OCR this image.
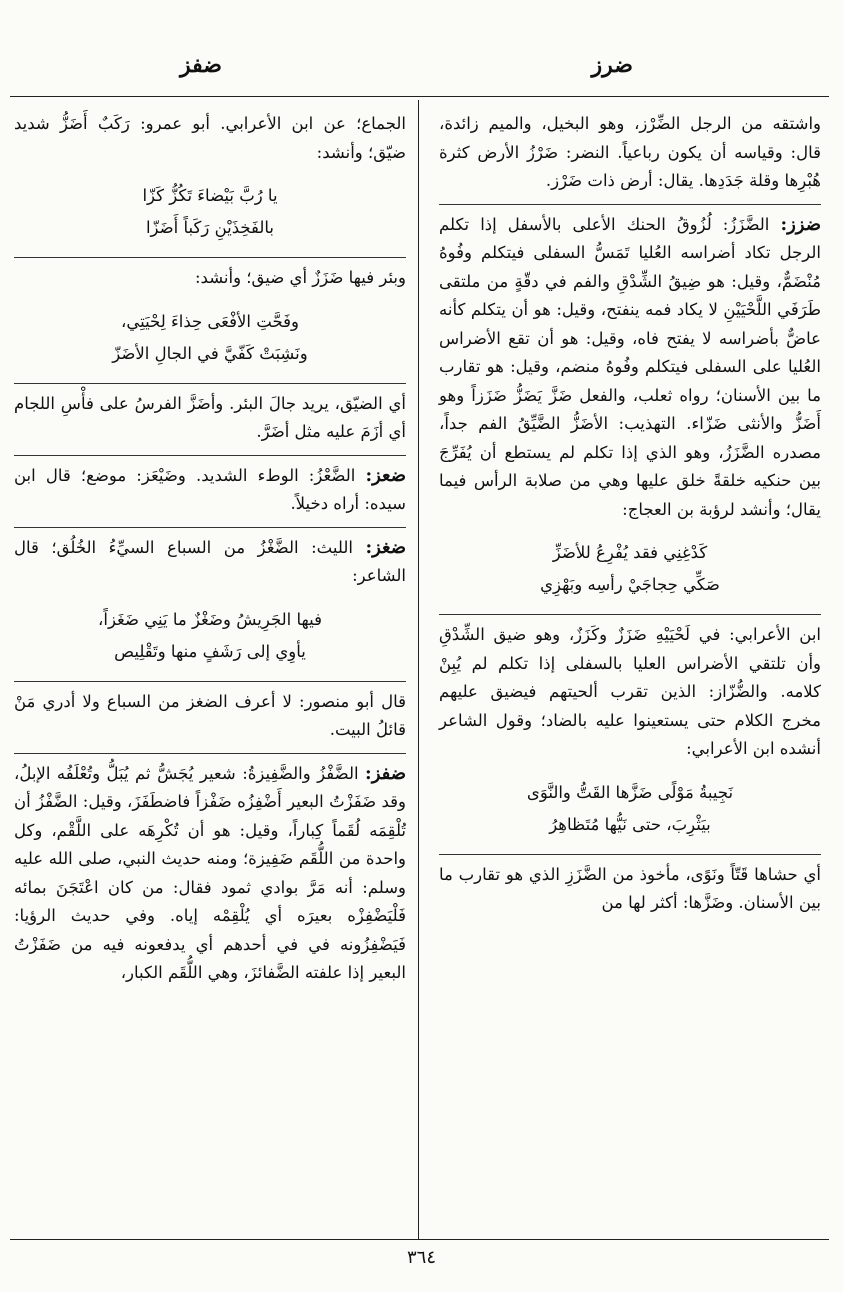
ضرز
ضفز

واشتقه من الرجل الضِّرْز، وهو البخيل، والميم زائدة، قال: وقياسه أن يكون رباعياً. النضر: ضَرْزُ الأرض كثرة هُبْرِها وقلة جَدَدِها. يقال: أرض ذات ضَرْز.

ضزز: الضَّزَزُ: لُزُوقُ الحنك الأعلى بالأسفل إذا تكلم الرجل تكاد أضراسه العُليا تَمَسُّ السفلى فيتكلم وفُوهُ مُنْضَمٌّ، وقيل: هو ضِيقُ الشِّدْقِ والفم في دقّةٍ من ملتقى طَرَفَي اللَّحْيَيْنِ لا يكاد فمه ينفتح، وقيل: هو أن يتكلم كأنه عاضٌّ بأضراسه لا يفتح فاه، وقيل: هو أن تقع الأضراس العُليا على السفلى فيتكلم وفُوهُ منضم، وقيل: هو تقارب ما بين الأسنان؛ رواه ثعلب، والفعل ضَزَّ يَضَزُّ ضَزَزاً وهو أَضَزُّ والأنثى ضَزّاء. التهذيب: الأضَزُّ الضَّيِّقُ الفم جداً، مصدره الضَّزَزُ، وهو الذي إذا تكلم لم يستطع أن يُفَرِّجَ بين حنكيه خلقةً خلق عليها وهي من صلابة الرأس فيما يقال؛ وأنشد لرؤبة بن العجاج:

كَدْغِنِي فقد يُفْرِعُ للأضَزِّ
صَكِّي حِجاجَيْ رأسِه وبَهْزِي

ابن الأعرابي: في لَحْيَيْهِ ضَزَزٌ وكَزَزٌ، وهو ضيق الشِّدْقِ وأن تلتقي الأضراس العليا بالسفلى إذا تكلم لم يُبِنْ كلامه. والضُّزّاز: الذين تقرب ألحيتهم فيضيق عليهم مخرج الكلام حتى يستعينوا عليه بالضاد؛ وقول الشاعر أنشده ابن الأعرابي:

نَجِيبةُ مَوْلًى ضَزَّها القَتُّ والنَّوَى
بيَثْرِبَ، حتى نَيُّها مُتَظاهِرُ

أي حشاها قَتّاً ونَوًى، مأخوذ من الضَّزَزِ الذي هو تقارب ما بين الأسنان. وضَزَّها: أكثر لها من

الجماع؛ عن ابن الأعرابي. أبو عمرو: رَكَبٌ أَضَزُّ شديد ضيّق؛ وأنشد:

يا رُبَّ بَيْضاءَ تَكُزُّ كَزّا
بالفَخِذَيْنِ رَكَباً أَضَزّا

وبئر فيها ضَزَزٌ أي ضيق؛ وأنشد:

وفَحَّتِ الأفْعَى حِذاءَ لِحْيَتِي،
ونَشِبَتْ كَفّيَّ في الجالِ الأضَزّ

أي الضيّق، يريد جالَ البئر. وأضَزَّ الفرسُ على فأْسِ اللجام أي أزَمَ عليه مثل أضَرَّ.

ضعز: الضَّعْزُ: الوطء الشديد. وضَيْعَز: موضع؛ قال ابن سيده: أراه دخيلاً.

ضغز: الليث: الضَّغْزُ من السباع السيِّءُ الخُلُق؛ قال الشاعر:

فيها الجَرِيشُ وضَغْزٌ ما يَنِي ضَغَزاً،
يأوِي إلى رَشَفٍ منها وتَقْلِيص

قال أبو منصور: لا أعرف الضغز من السباع ولا أدري مَنْ قائلُ البيت.

ضفز: الضَّفْزُ والضَّفِيزةُ: شعير يُجَشُّ ثم يُبَلُّ وتُعْلَفُه الإبلُ، وقد ضَفَزْتُ البعير أَضْفِزُه ضَفْزاً فاضطَفَزَ، وقيل: الضَّفْزُ أن تُلْقِمَه لُقَماً كِباراً، وقيل: هو أن تُكْرِهَه على اللَّقْم، وكل واحدة من اللُّقَم ضَفِيزة؛ ومنه حديث النبي، صلى الله عليه وسلم: أنه مَرَّ بوادي ثمود فقال: من كان اعْتَجَنَ بمائه فَلْيَضْفِزْه بعيرَه أي يُلْقِمْه إياه. وفي حديث الرؤيا: فَيَضْفِزُونه في في أحدهم أي يدفعونه فيه من ضَفَزْتُ البعير إذا علفته الضَّفائزَ، وهي اللُّقَم الكبار،

٣٦٤
